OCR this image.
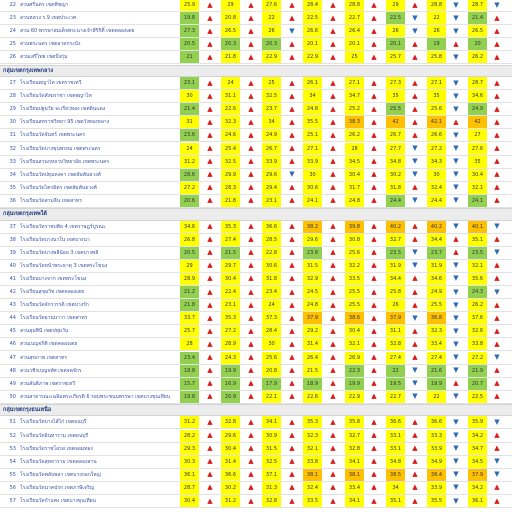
22 สวนศรีนคร เขตพิชญา	25.9	▲	29	▲	27.6	▲	28.4	▲	28.8	▲	29	▲	28.8	▼	28.7	▼
23 สวนหลวง ร.9 เขตประเวศ	19.8	▲	20.8	▲	22	▲	22.5	▲	22.7	▲	22.5	▼	22	▼	21.4	▲
24 สวน 60 พรรษาสมเด็จพระนางเจ้าสิริกิติ์ เขตคลองเตย	27.3	▲	26.5	▲	26	▼	26.6	▲	26.4	▲	26	▼	26	▼	26.5	▲
25 สวนพระนคร เขตลาดกระบัง	20.5	▲	20.3	▲	20.3	▲	20.1	▲	20.1	▲	20.1	▲	19	▲	20	▲
26 สวนเสรีไทย เขตบึงกุ่ม	21	▲	21.8	▲	22.9	▲	22.9	▲	25	▲	25.7	▲	25.8	▼	26.2	▲
กลุ่มเขตกรุงเทพกลาง
27 โรงเรียนพญาไท เขตราชเทวี	23.1	▲	24	▲	25	▲	26.1	▲	27.1	▲	27.3	▲	27.1	▼	28.7	▲
28 โรงเรียนวัดสังฆราชา เขตพญาไท	30	▲	31.1	▲	32.5	▲	34	▲	34.7	▲	35	▲	35	▼	34.6	▲
29 โรงเรียนปฐมวัย จะเรียวทอง เขตดินแดง	21.4	▲	22.6	▲	23.7	▲	24.8	▲	25.2	▲	25.5	▲	25.6	▼	24.9	▲
30 โรงเรียนสหราชวิทยา 95 เขตวังทองหลาง	31	▲	32.3	▲	34	▲	35.5	▲	38.3	▲	42	▲	42.1	▲	42	▲
31 โรงเรียนวัดจันทร์ เขตพระนคร	23.6	▲	24.6	▲	24.9	▲	25.1	▲	26.2	▲	26.7	▲	26.6	▼	27	▲
32 โรงเรียนวัดบางขุนพรหม เขตพระนคร	24	▲	25.4	▲	26.7	▲	27.1	▲	28	▲	27.7	▼	27.2	▼	27.6	▲
33 โรงเรียนสวนกุหลาบวิทยาลัย เขตพระนคร	31.2	▲	32.5	▲	33.9	▲	33.9	▲	34.5	▲	34.8	▼	34.3	▼	35	▲
34 โรงเรียนวัดปทุมคงคา เขตสัมพันธวงศ์	28.6	▲	29.9	▲	29.6	▼	30	▲	30.4	▲	30.2	▼	30	▼	30.4	▲
35 โรงเรียนวัดไตรมิตร เขตสัมพันธวงศ์	27.2	▲	28.3	▲	29.4	▲	30.6	▲	31.7	▲	31.8	▲	32.4	▼	32.1	▲
36 โรงเรียนวัดสามจีน เขตสาทร	20.6	▲	21.8	▲	23.1	▲	24.1	▲	24.8	▲	24.4	▼	24.4	▼	24.1	▲
กลุ่มเขตกรุงเทพใต้
37 โรงเรียนวัดราชบพิธ 4 เขตราษฎร์บูรณะ	34.6	▲	35.3	▲	36.6	▲	38.2	▲	39.8	▲	40.2	▲	40.2	▼	40.1	▼
38 โรงเรียนวัดบางนาใน เขตบางนา	26.8	▲	27.4	▲	28.5	▲	29.6	▲	30.8	▲	32.7	▲	34.4	▲	35.1	▲
39 โรงเรียนวัดบางพลีน้อย 3 เขตบางพลี	20.5	▲	21.5	▲	22.8	▲	23.8	▲	25.6	▲	23.5	▼	23.7	▲	23.5	▼
40 โรงเรียนวัดหน้าพระธาตุ 3 เขตพระโขนง	29	▲	29.7	▲	30.6	▲	31.5	▲	32.2	▲	31.9	▼	31.9	▼	32.1	▲
41 โรงเรียนบางจาก เขตพระโขนง	28.9	▲	30.4	▲	31.8	▲	32.9	▲	33.5	▲	34.4	▲	34.6	▼	35.6	▲
42 โรงเรียนสุขุมวิท เขตคลองเตย	21.2	▲	22.4	▲	23.4	▲	24.5	▲	25.5	▲	25.8	▲	24.9	▼	24.3	▼
43 โรงเรียนวัดจักรวรรดิ เขตบางรัก	21.8	▲	23.1	▲	24	▲	24.8	▲	25.5	▲	26	▲	25.5	▼	26.2	▲
44 โรงเรียนวัดยานนาวา เขตสาทร	33.7	▲	35.3	▲	37.3	▲	37.9	▲	38.6	▲	37.9	▼	36.8	▼	37.6	▲
45 สวนลุมพินี เขตปทุมวัน	25.7	▲	27.2	▲	28.4	▲	29.2	▲	30.4	▲	31.1	▲	32.3	▼	32.6	▲
46 สวนเบญจกิติ เขตคลองเตย	28	▲	28.9	▲	30	▲	31.4	▲	32.1	▲	32.8	▲	33.4	▼	33.8	▲
47 สวนสุขภาพ เขตสาทร	23.4	▲	24.3	▲	25.6	▲	26.4	▲	26.9	▲	27.4	▲	27.4	▼	27.2	▼
48 สวนวชิรเบญจทัศ เขตจตุจักร	18.8	▲	19.9	▲	20.8	▲	21.5	▲	22.3	▲	22	▼	21.6	▼	21.9	▲
49 สวนสันติภาพ เขตราชเทวี	15.7	▲	16.9	▲	17.9	▲	18.9	▲	19.9	▲	19.5	▼	19.9	▲	20.7	▲
50 สวนสาธารณะเฉลิมพระเกียรติ 6 รอบพระชนมพรรษา เขตบางขุนเทียน	19.8	▲	20.9	▲	22.1	▲	22.6	▲	22.9	▲	22.7	▼	22	▼	22.5	▲
กลุ่มเขตกรุงธนเหนือ
51 โรงเรียนวัดบางไส้ไก่ เขตธนบุรี	31.2	▲	32.8	▲	34.1	▲	35.3	▲	35.8	▲	36.6	▲	36.6	▼	35.9	▼
52 โรงเรียนวัดอินทาราม เขตธนบุรี	28.2	▲	29.6	▲	30.9	▲	32.3	▲	32.7	▲	33.1	▲	33.3	▼	34.2	▲
53 โรงเรียนวัดราชโอรส เขตจอมทอง	29.3	▲	30.4	▲	31.5	▲	32.1	▲	32.8	▲	33.1	▲	33.9	▼	34.7	▲
54 โรงเรียนวัดสุทธาราม เขตคลองสาน	30.3	▲	31.4	▲	32.5	▲	33.8	▲	34.1	▲	34.8	▲	34.9	▼	34.5	▼
55 โรงเรียนวัดพลับพลา เขตบางกอกใหญ่	36.1	▲	36.6	▲	37.1	▲	38.1	▲	38.1	▲	38.5	▲	38.4	▼	37.9	▼
56 โรงเรียนวัดนาคปรก เขตภาษีเจริญ	28.7	▲	30.2	▲	31.3	▲	32.4	▲	33.4	▲	34	▲	33.9	▼	34.2	▲
57 โรงเรียนวัดกำแพง เขตบางขุนเทียน	30.4	▲	31.2	▲	32.8	▲	33.5	▲	34.1	▲	35.1	▲	35.5	▼	36.1	▲
